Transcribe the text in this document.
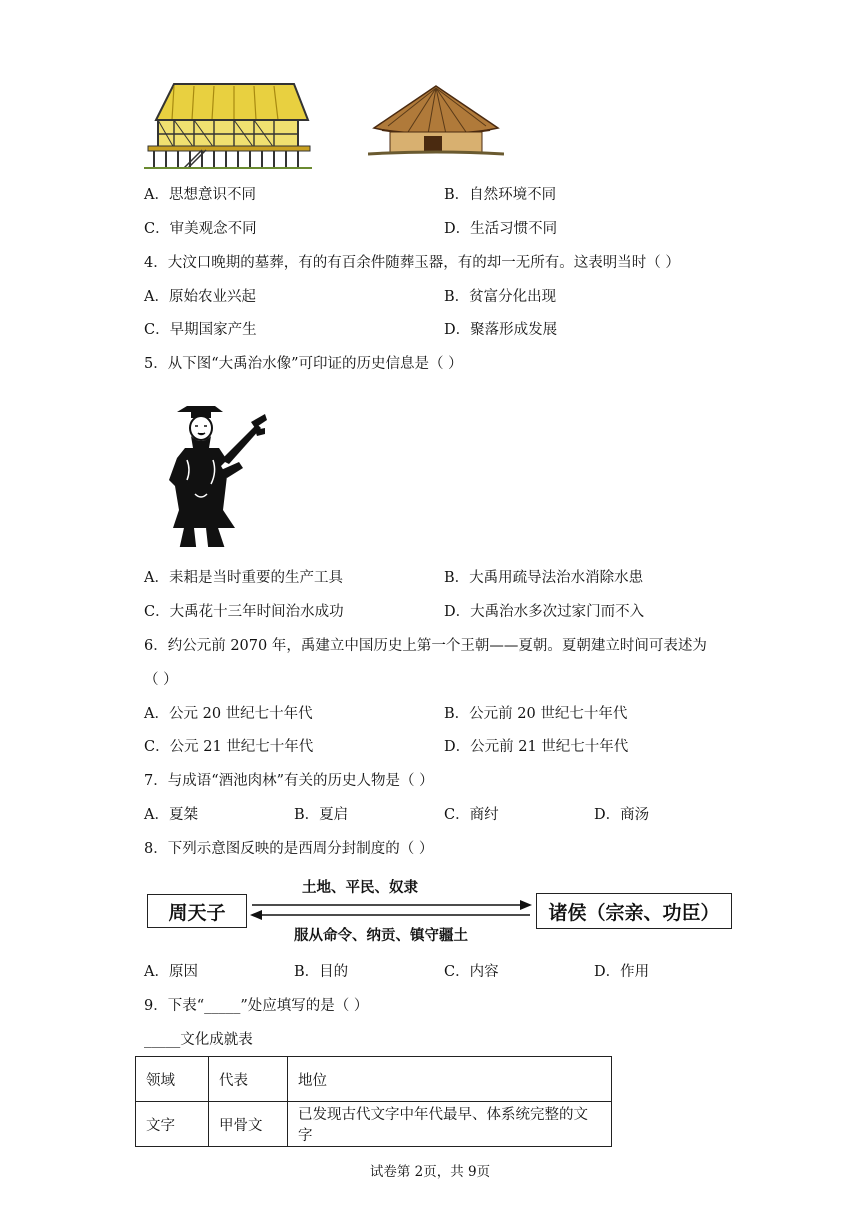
A．思想意识不同	B．自然环境不同
C．审美观念不同	D．生活习惯不同
4．大汶口晚期的墓葬，有的有百余件随葬玉器，有的却一无所有。这表明当时（ ）
A．原始农业兴起	B．贫富分化出现
C．早期国家产生	D．聚落形成发展
5．从下图“大禹治水像”可印证的历史信息是（ ）
A．耒耜是当时重要的生产工具	B．大禹用疏导法治水消除水患
C．大禹花十三年时间治水成功	D．大禹治水多次过家门而不入
6．约公元前 2070 年，禹建立中国历史上第一个王朝——夏朝。夏朝建立时间可表述为
（ ）
A．公元 20 世纪七十年代	B．公元前 20 世纪七十年代
C．公元 21 世纪七十年代	D．公元前 21 世纪七十年代
7．与成语“酒池肉林”有关的历史人物是（ ）
A．夏桀	B．夏启	C．商纣	D．商汤
8．下列示意图反映的是西周分封制度的（ ）
土地、平民、奴隶
周天子	诸侯（宗亲、功臣）
服从命令、纳贡、镇守疆土
A．原因	B．目的	C．内容	D．作用
9．下表“_____”处应填写的是（ ）
_____文化成就表
领域	代表	地位
文字	甲骨文	已发现古代文字中年代最早、体系统完整的文字
试卷第 2页，共 9页
